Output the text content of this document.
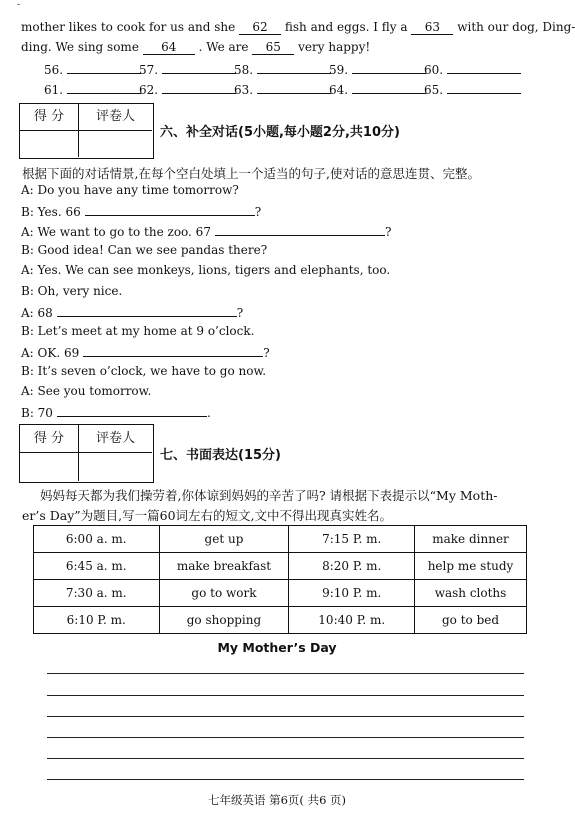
-
mother likes to cook for us and she 62 fish and eggs. I fly a 63 with our dog, Ding-
ding. We sing some 64 . We are 65 very happy!
56.	57.	58.	59.	60.
61.	62.	63.	64.	65.
得 分	评卷人
六、补全对话(5小题,每小题2分,共10分)
根据下面的对话情景,在每个空白处填上一个适当的句子,使对话的意思连贯、完整。
A: Do you have any time tomorrow?
B: Yes. 66	?
A: We want to go to the zoo. 67	?
B: Good idea! Can we see pandas there?
A: Yes. We can see monkeys, lions, tigers and elephants, too.
B: Oh, very nice.
A: 68	?
B: Let’s meet at my home at 9 o’clock.
A: OK. 69	?
B: It’s seven o’clock, we have to go now.
A: See you tomorrow.
B: 70	.
得 分	评卷人
七、书面表达(15分)
妈妈每天都为我们操劳着,你体谅到妈妈的辛苦了吗? 请根据下表提示以“My Moth-
er’s Day”为题目,写一篇60词左右的短文,文中不得出现真实姓名。
6:00 a. m.	get up	7:15 P. m.	make dinner
6:45 a. m.	make breakfast	8:20 P. m.	help me study
7:30 a. m.	go to work	9:10 P. m.	wash cloths
6:10 P. m.	go shopping	10:40 P. m.	go to bed
My Mother’s Day
七年级英语 第6页( 共6 页)
